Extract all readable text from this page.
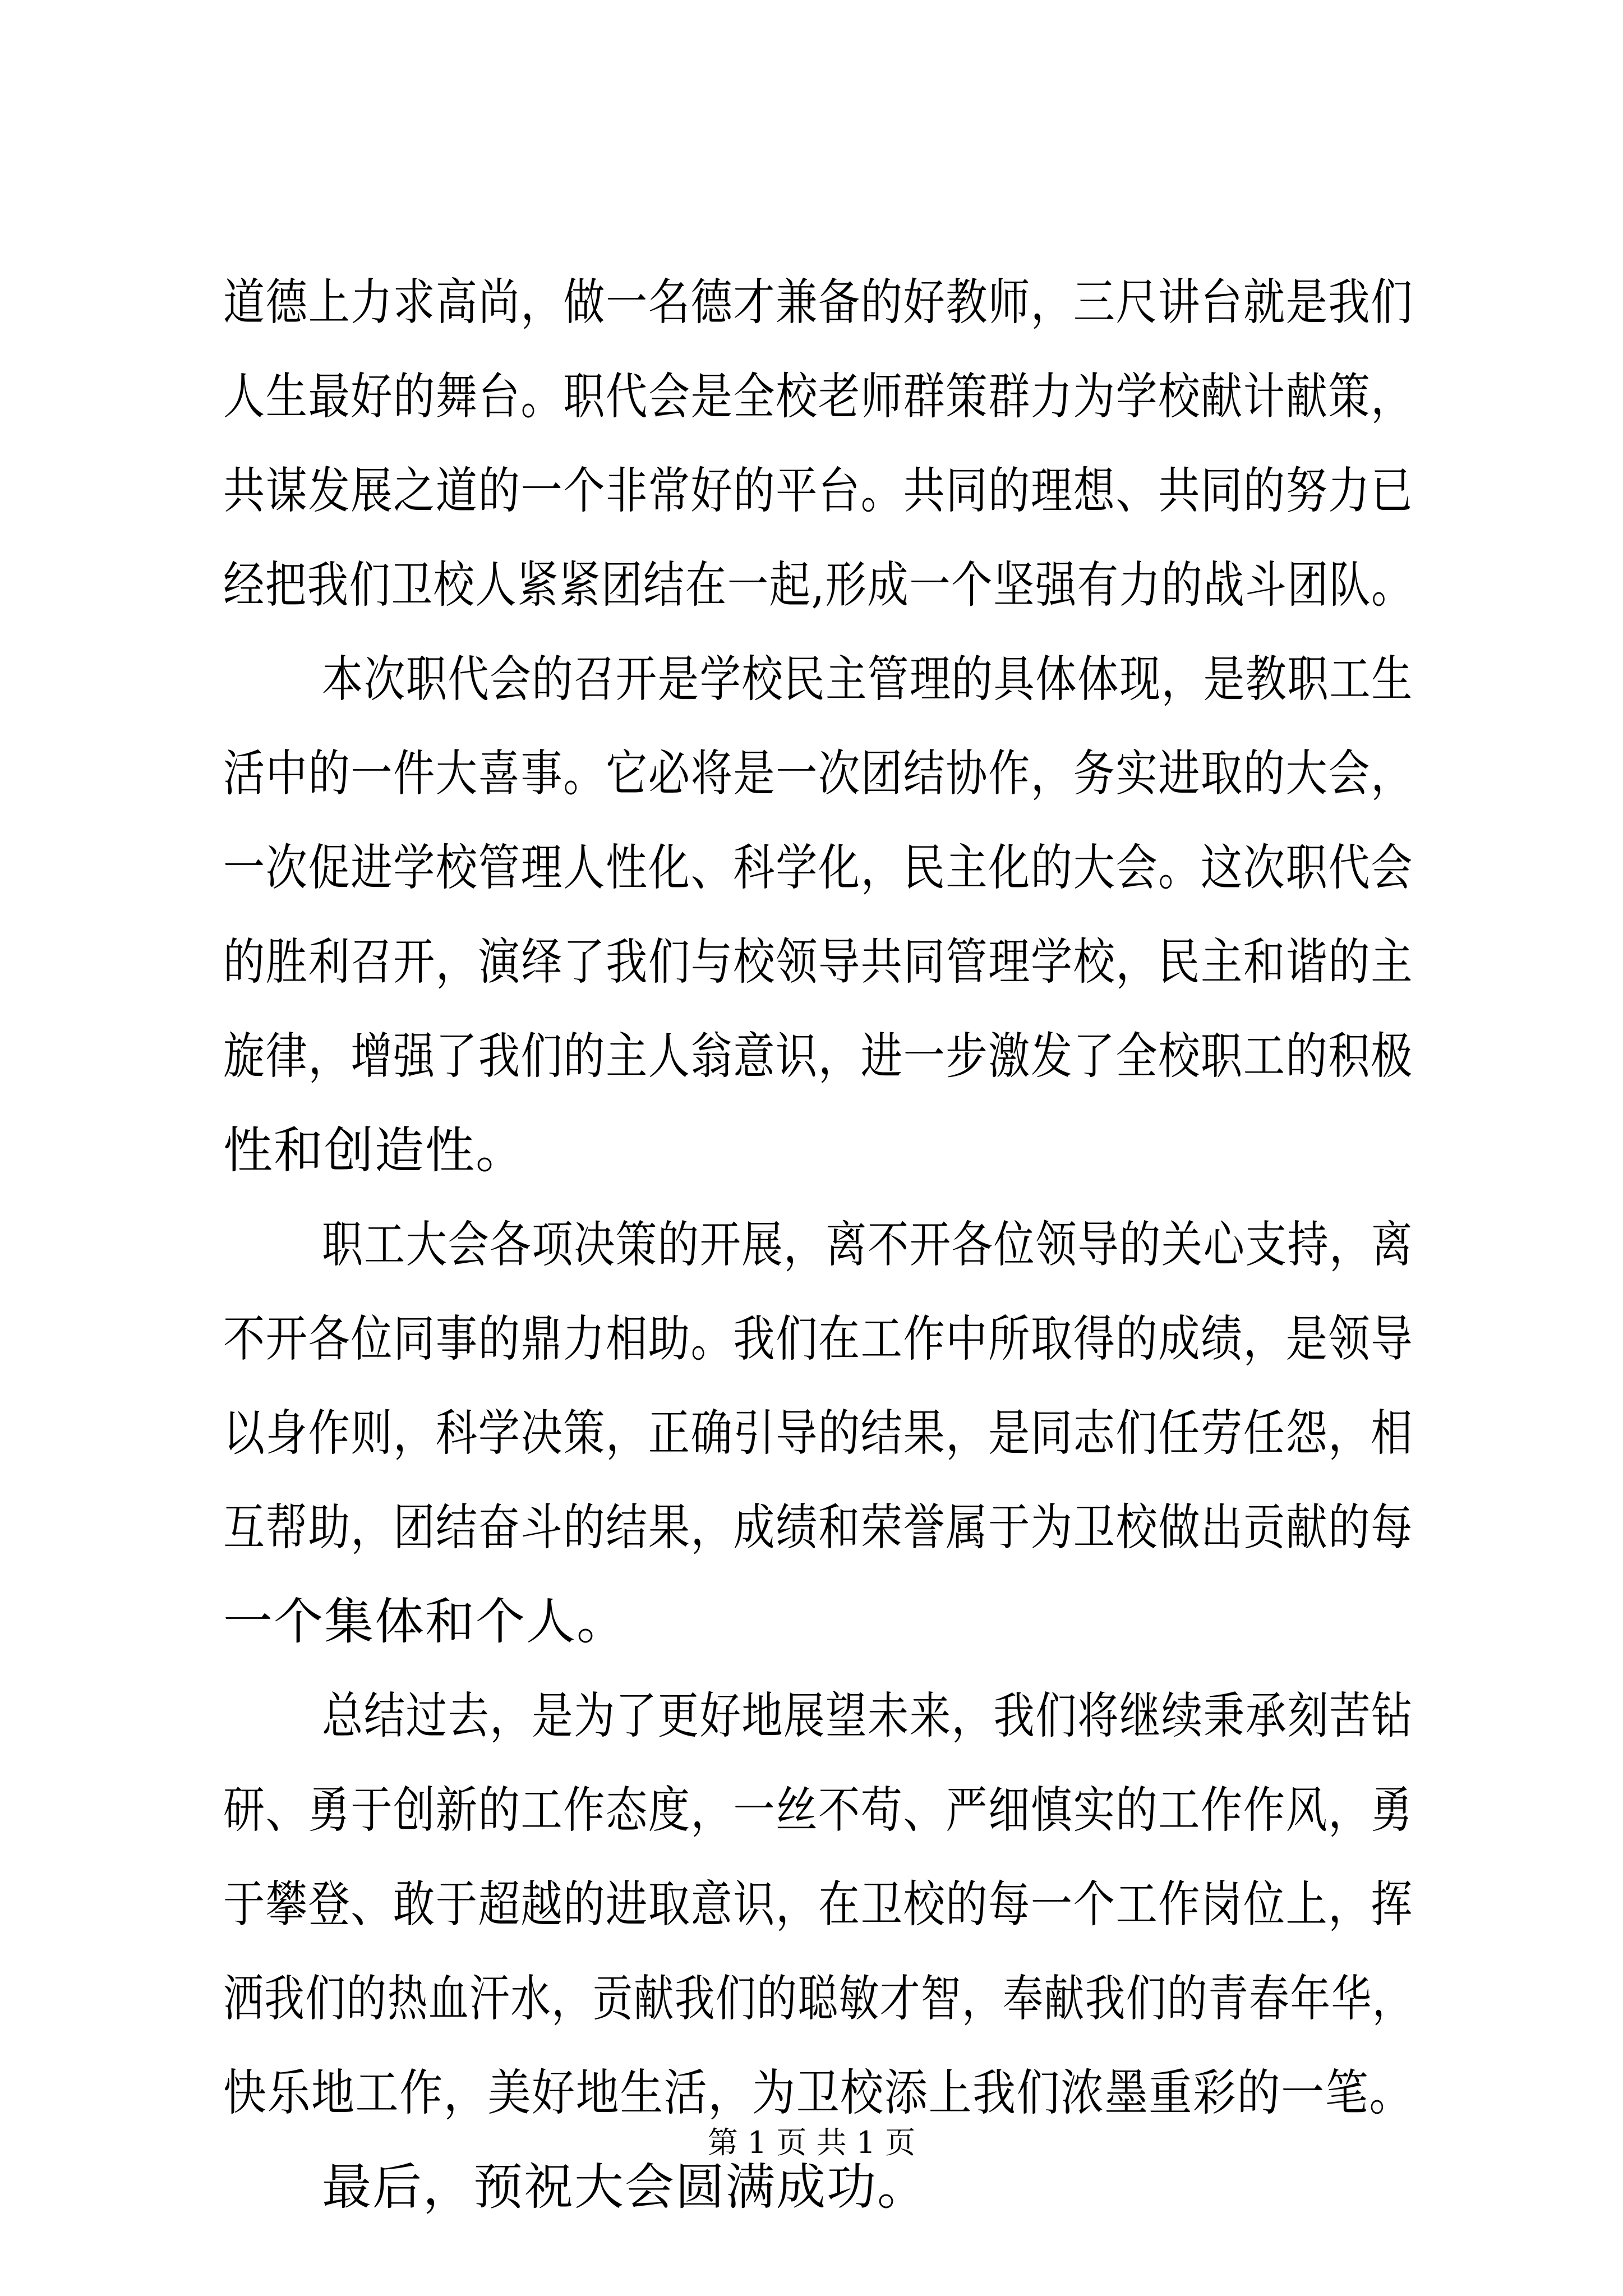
道德上力求高尚，做一名德才兼备的好教师，三尺讲台就是我们
人生最好的舞台。职代会是全校老师群策群力为学校献计献策，
共谋发展之道的一个非常好的平台。共同的理想、共同的努力已
经把我们卫校人紧紧团结在一起,形成一个坚强有力的战斗团队。
本次职代会的召开是学校民主管理的具体体现，是教职工生
活中的一件大喜事。它必将是一次团结协作，务实进取的大会，
一次促进学校管理人性化、科学化，民主化的大会。这次职代会
的胜利召开，演绎了我们与校领导共同管理学校，民主和谐的主
旋律，增强了我们的主人翁意识，进一步激发了全校职工的积极
性和创造性。
职工大会各项决策的开展，离不开各位领导的关心支持，离
不开各位同事的鼎力相助。我们在工作中所取得的成绩，是领导
以身作则，科学决策，正确引导的结果，是同志们任劳任怨，相
互帮助，团结奋斗的结果，成绩和荣誉属于为卫校做出贡献的每
一个集体和个人。
总结过去，是为了更好地展望未来，我们将继续秉承刻苦钻
研、勇于创新的工作态度，一丝不苟、严细慎实的工作作风，勇
于攀登、敢于超越的进取意识，在卫校的每一个工作岗位上，挥
洒我们的热血汗水，贡献我们的聪敏才智，奉献我们的青春年华，
快乐地工作，美好地生活，为卫校添上我们浓墨重彩的一笔。
最后，预祝大会圆满成功。
第 1 页 共 1 页
